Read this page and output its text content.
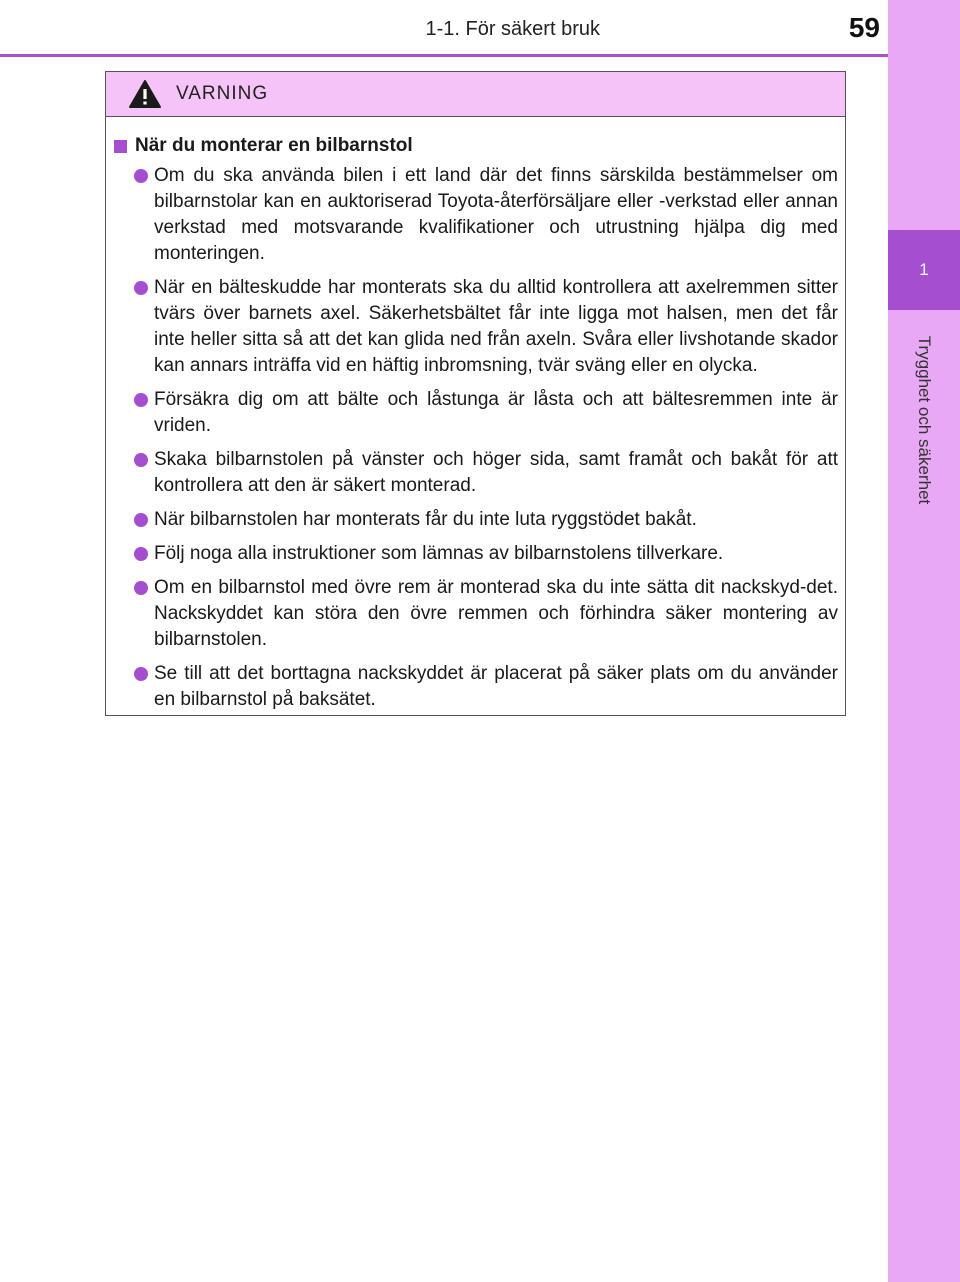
1-1. För säkert bruk	59
1
Trygghet och säkerhet
VARNING
När du monterar en bilbarnstol
Om du ska använda bilen i ett land där det finns särskilda bestämmelser om bilbarnstolar kan en auktoriserad Toyota-återförsäljare eller -verkstad eller annan verkstad med motsvarande kvalifikationer och utrustning hjälpa dig med monteringen.
När en bälteskudde har monterats ska du alltid kontrollera att axelremmen sitter tvärs över barnets axel. Säkerhetsbältet får inte ligga mot halsen, men det får inte heller sitta så att det kan glida ned från axeln. Svåra eller livshotande skador kan annars inträffa vid en häftig inbromsning, tvär sväng eller en olycka.
Försäkra dig om att bälte och låstunga är låsta och att bältesremmen inte är vriden.
Skaka bilbarnstolen på vänster och höger sida, samt framåt och bakåt för att kontrollera att den är säkert monterad.
När bilbarnstolen har monterats får du inte luta ryggstödet bakåt.
Följ noga alla instruktioner som lämnas av bilbarnstolens tillverkare.
Om en bilbarnstol med övre rem är monterad ska du inte sätta dit nackskyd-det. Nackskyddet kan störa den övre remmen och förhindra säker montering av bilbarnstolen.
Se till att det borttagna nackskyddet är placerat på säker plats om du använder en bilbarnstol på baksätet.
